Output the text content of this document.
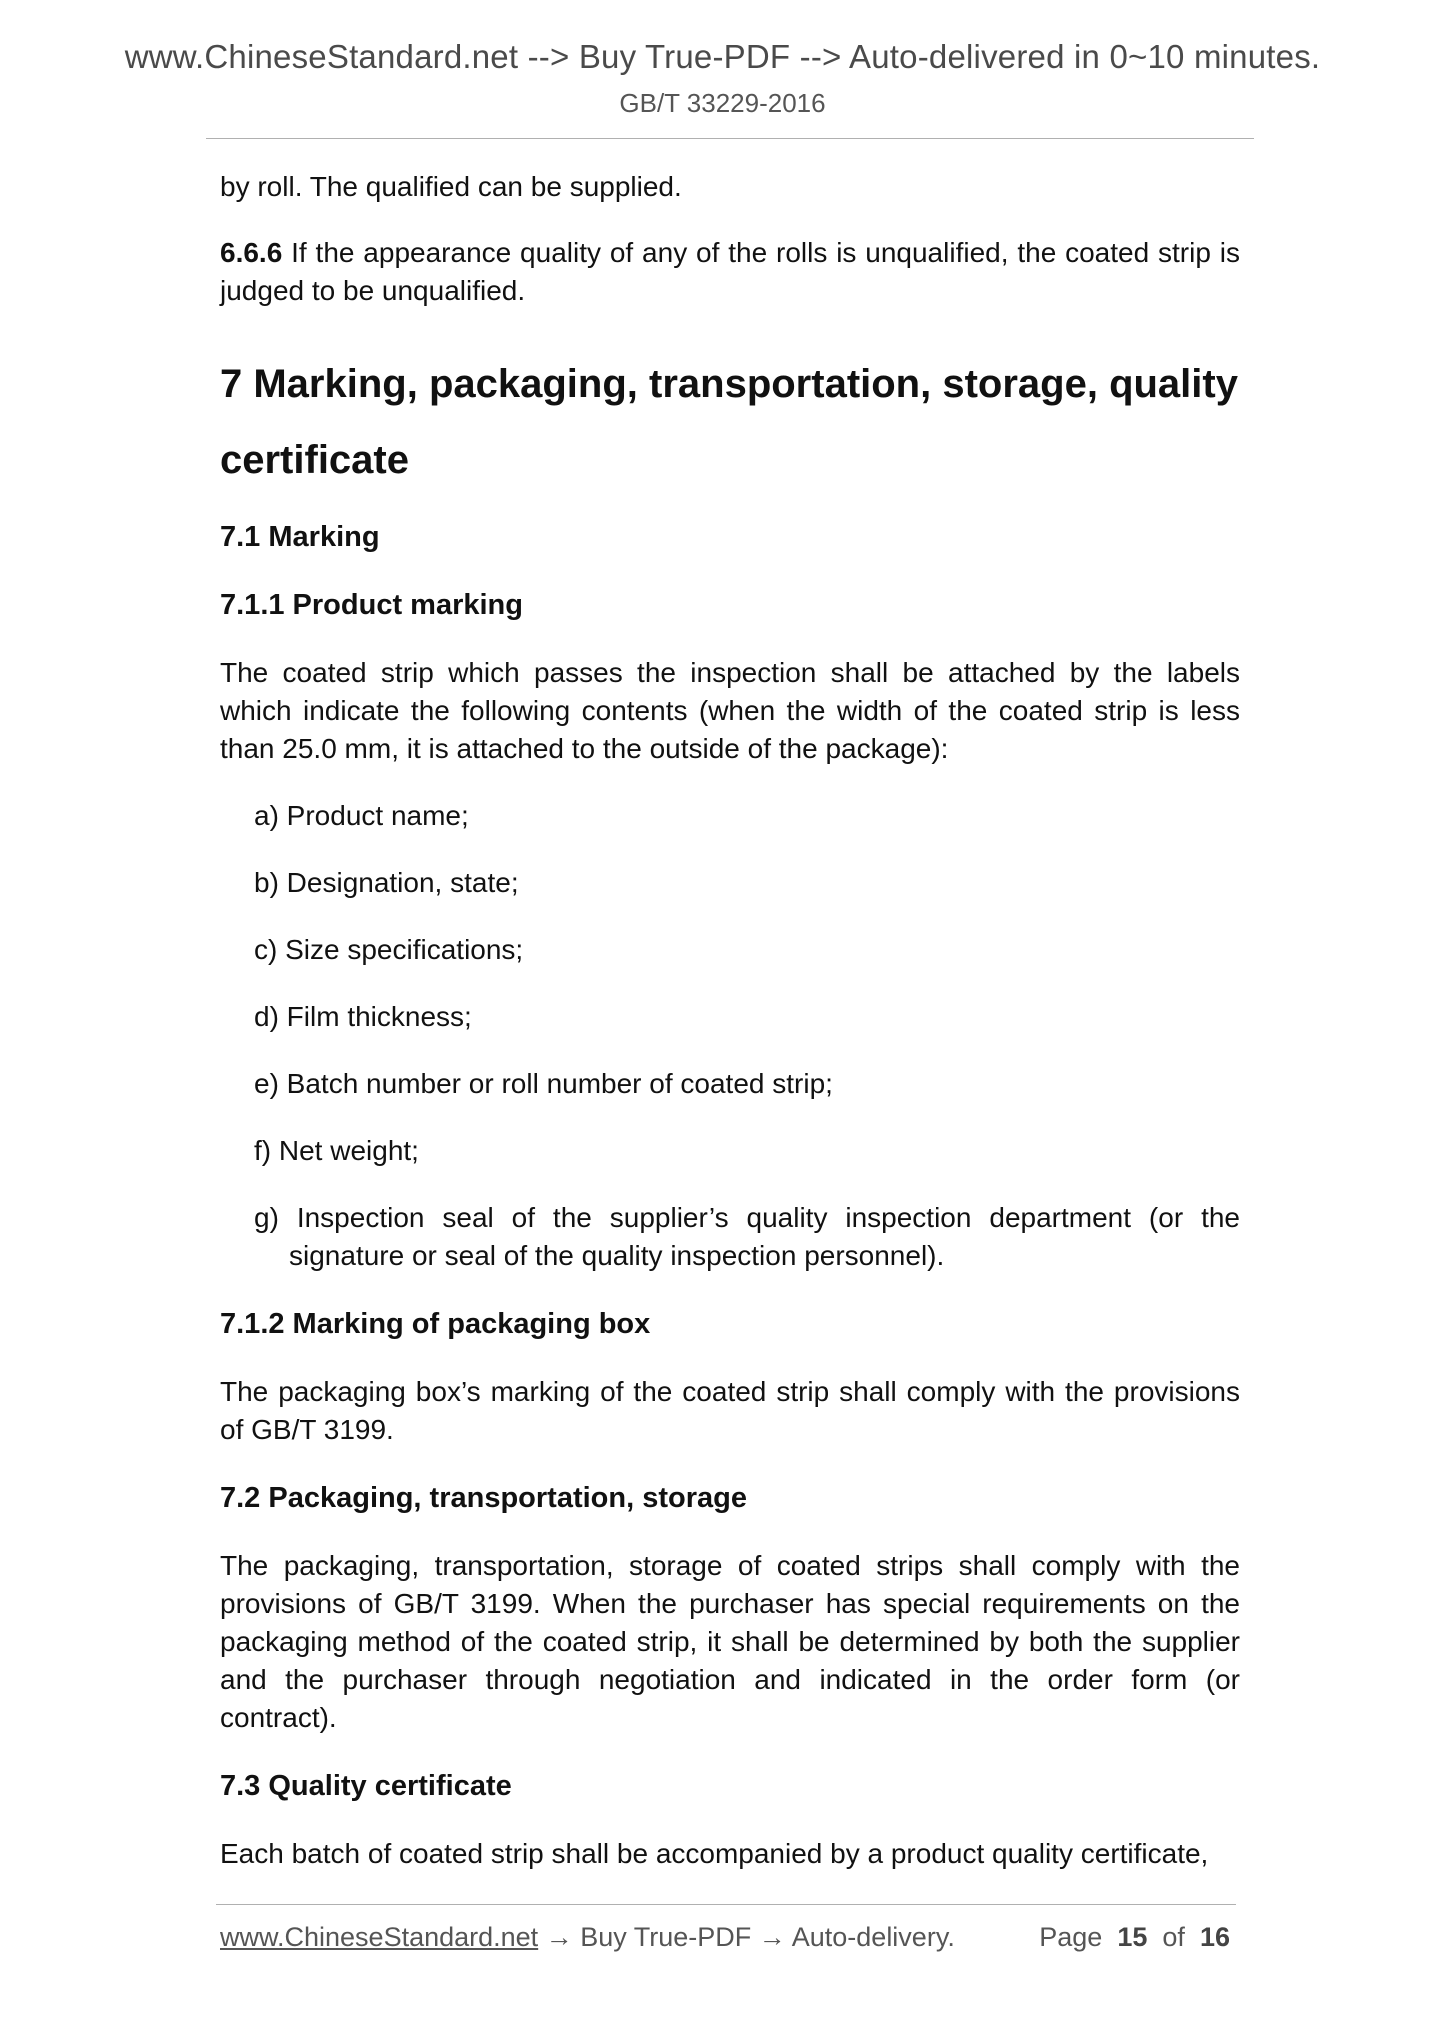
www.ChineseStandard.net --> Buy True-PDF --> Auto-delivered in 0~10 minutes.
GB/T 33229-2016

by roll. The qualified can be supplied.

6.6.6 If the appearance quality of any of the rolls is unqualified, the coated strip is judged to be unqualified.

7 Marking, packaging, transportation, storage, quality certificate
7.1 Marking
7.1.1 Product marking

The coated strip which passes the inspection shall be attached by the labels which indicate the following contents (when the width of the coated strip is less than 25.0 mm, it is attached to the outside of the package):

a) Product name;
b) Designation, state;
c) Size specifications;
d) Film thickness;
e) Batch number or roll number of coated strip;
f) Net weight;
g) Inspection seal of the supplier’s quality inspection department (or the signature or seal of the quality inspection personnel).
7.1.2 Marking of packaging box

The packaging box’s marking of the coated strip shall comply with the provisions of GB/T 3199.

7.2 Packaging, transportation, storage

The packaging, transportation, storage of coated strips shall comply with the provisions of GB/T 3199. When the purchaser has special requirements on the packaging method of the coated strip, it shall be determined by both the supplier and the purchaser through negotiation and indicated in the order form (or contract).

7.3 Quality certificate

Each batch of coated strip shall be accompanied by a product quality certificate,

www.ChineseStandard.net → Buy True-PDF → Auto-delivery.	Page 15 of 16
